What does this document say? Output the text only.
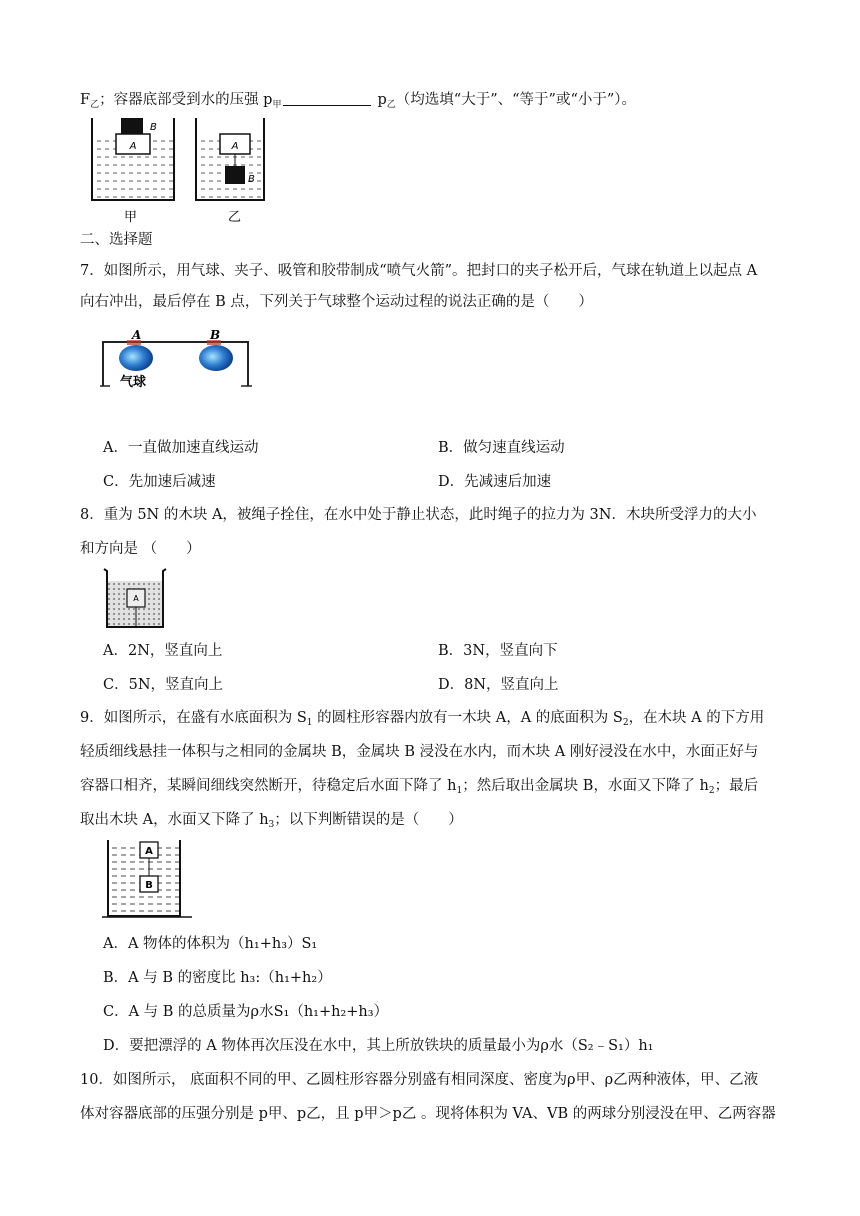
$F_乙$；容器底部受到水的压强 $p_甲$	$p_乙$（均选填“大于”、“等于”或“小于”）。
A
B
甲
A
B
乙
二、选择题
7．如图所示，用气球、夹子、吸管和胶带制成“喷气火箭”。把封口的夹子松开后，气球在轨道上以起点 A
向右冲出，最后停在 B 点，下列关于气球整个运动过程的说法正确的是（　　）
A	B
气球
A．一直做加速直线运动	B．做匀速直线运动
C．先加速后减速	D．先减速后加速
8．重为 5N 的木块 A，被绳子拴住，在水中处于静止状态，此时绳子的拉力为 3N．木块所受浮力的大小
和方向是 （　　）
A
A．2N，竖直向上	B．3N，竖直向下
C．5N，竖直向上	D．8N，竖直向上
9．如图所示，在盛有水底面积为 $S_1$ 的圆柱形容器内放有一木块 A，A 的底面积为 $S_2$，在木块 A 的下方用
轻质细线悬挂一体积与之相同的金属块 B，金属块 B 浸没在水内，而木块 A 刚好浸没在水中，水面正好与
容器口相齐，某瞬间细线突然断开，待稳定后水面下降了 $h_1$；然后取出金属块 B，水面又下降了 $h_2$；最后
取出木块 A，水面又下降了 $h_3$；以下判断错误的是（　　）
A
B
A．A 物体的体积为（h₁+h₃）S₁
B．A 与 B 的密度比 h₃:（h₁+h₂）
C．A 与 B 的总质量为ρ水S₁（h₁+h₂+h₃）
D．要把漂浮的 A 物体再次压没在水中，其上所放铁块的质量最小为ρ水（S₂﹣S₁）h₁
10．如图所示， 底面积不同的甲、乙圆柱形容器分别盛有相同深度、密度为ρ甲、ρ乙两种液体，甲、乙液
体对容器底部的压强分别是 p甲、p乙，且 p甲＞p乙 。现将体积为 VA、VB 的两球分别浸没在甲、乙两容器
